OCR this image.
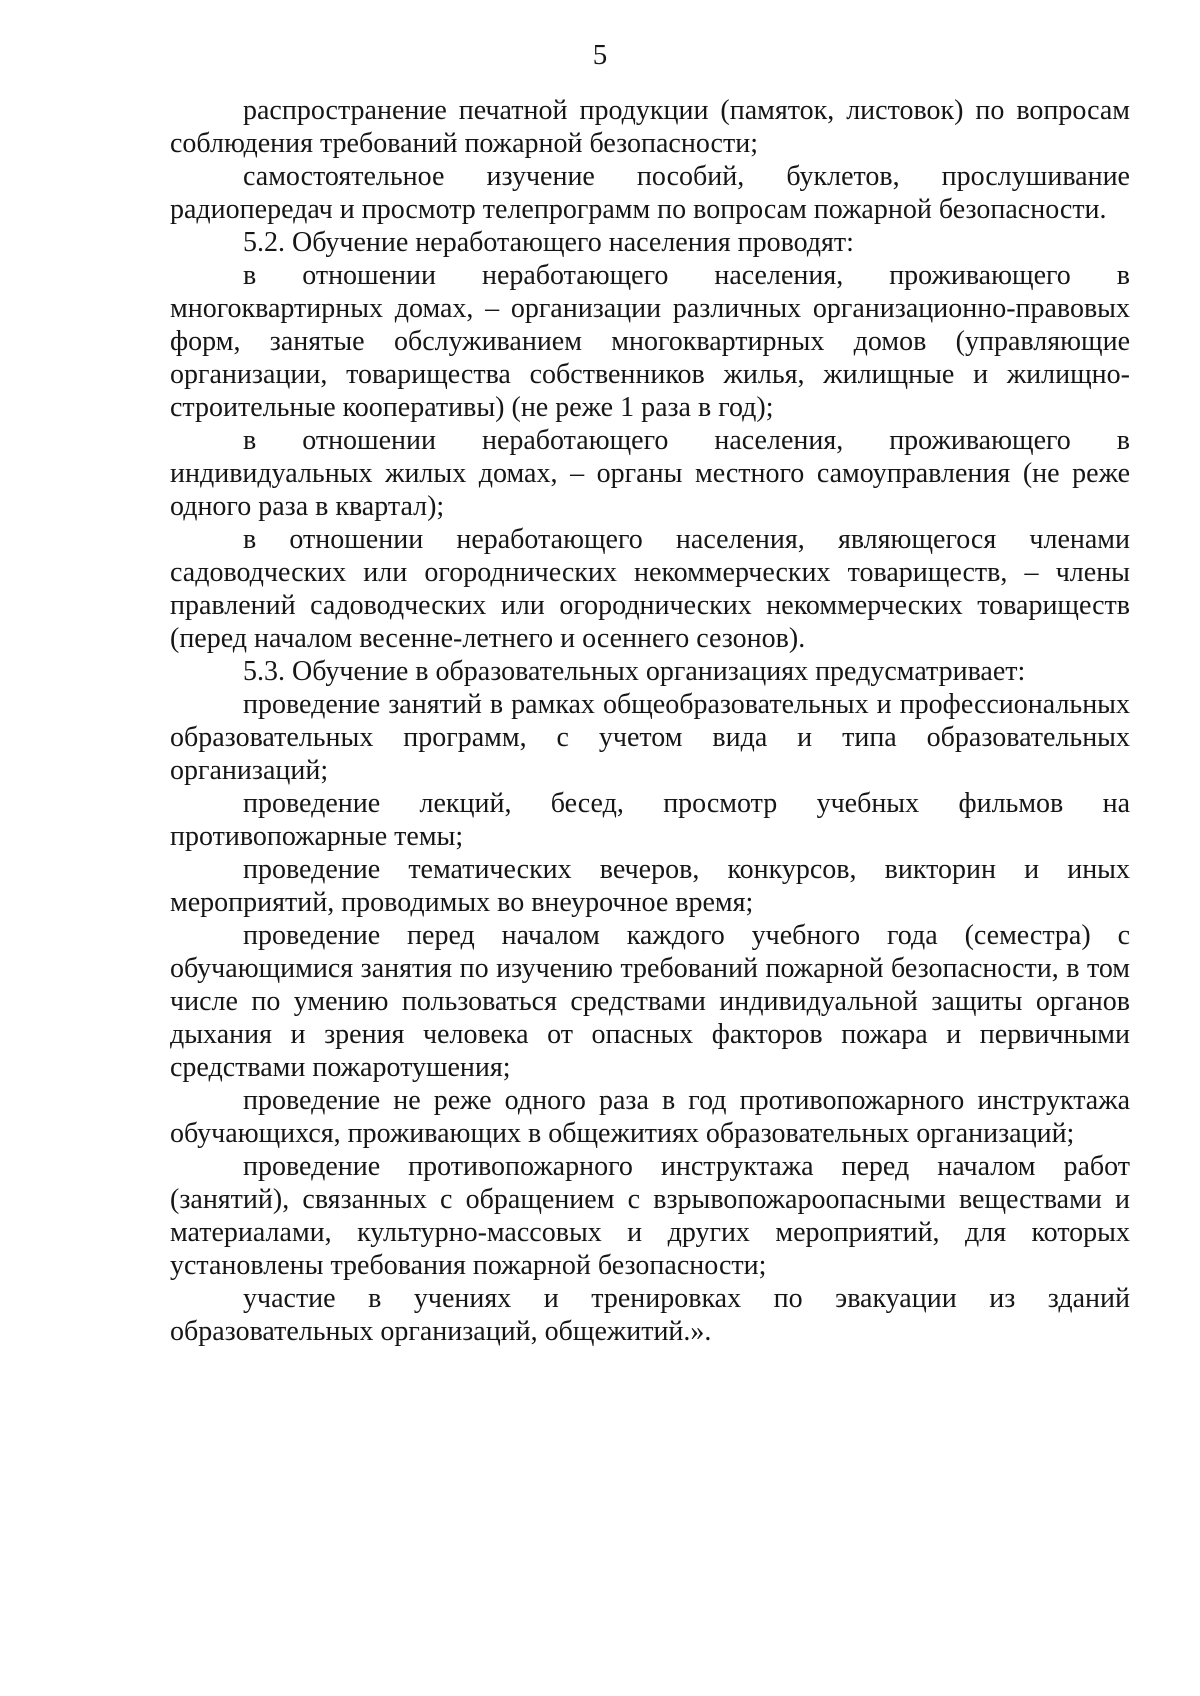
5

распространение печатной продукции (памяток, листовок) по вопросам соблюдения требований пожарной безопасности;

самостоятельное изучение пособий, буклетов, прослушивание радиопередач и просмотр телепрограмм по вопросам пожарной безопасности.

5.2. Обучение неработающего населения проводят:

в отношении неработающего населения, проживающего в многоквартирных домах, – организации различных организационно-правовых форм, занятые обслуживанием многоквартирных домов (управляющие организации, товарищества собственников жилья, жилищные и жилищно-строительные кооперативы) (не реже 1 раза в год);

в отношении неработающего населения, проживающего в индивидуальных жилых домах, – органы местного самоуправления (не реже одного раза в квартал);

в отношении неработающего населения, являющегося членами садоводческих или огороднических некоммерческих товариществ, – члены правлений садоводческих или огороднических некоммерческих товариществ (перед началом весенне-летнего и осеннего сезонов).

5.3. Обучение в образовательных организациях предусматривает:

проведение занятий в рамках общеобразовательных и профессиональных образовательных программ, с учетом вида и типа образовательных организаций;

проведение лекций, бесед, просмотр учебных фильмов на противопожарные темы;

проведение тематических вечеров, конкурсов, викторин и иных мероприятий, проводимых во внеурочное время;

проведение перед началом каждого учебного года (семестра) с обучающимися занятия по изучению требований пожарной безопасности, в том числе по умению пользоваться средствами индивидуальной защиты органов дыхания и зрения человека от опасных факторов пожара и первичными средствами пожаротушения;

проведение не реже одного раза в год противопожарного инструктажа обучающихся, проживающих в общежитиях образовательных организаций;

проведение противопожарного инструктажа перед началом работ (занятий), связанных с обращением с взрывопожароопасными веществами и материалами, культурно-массовых и других мероприятий, для которых установлены требования пожарной безопасности;

участие в учениях и тренировках по эвакуации из зданий образовательных организаций, общежитий.».
